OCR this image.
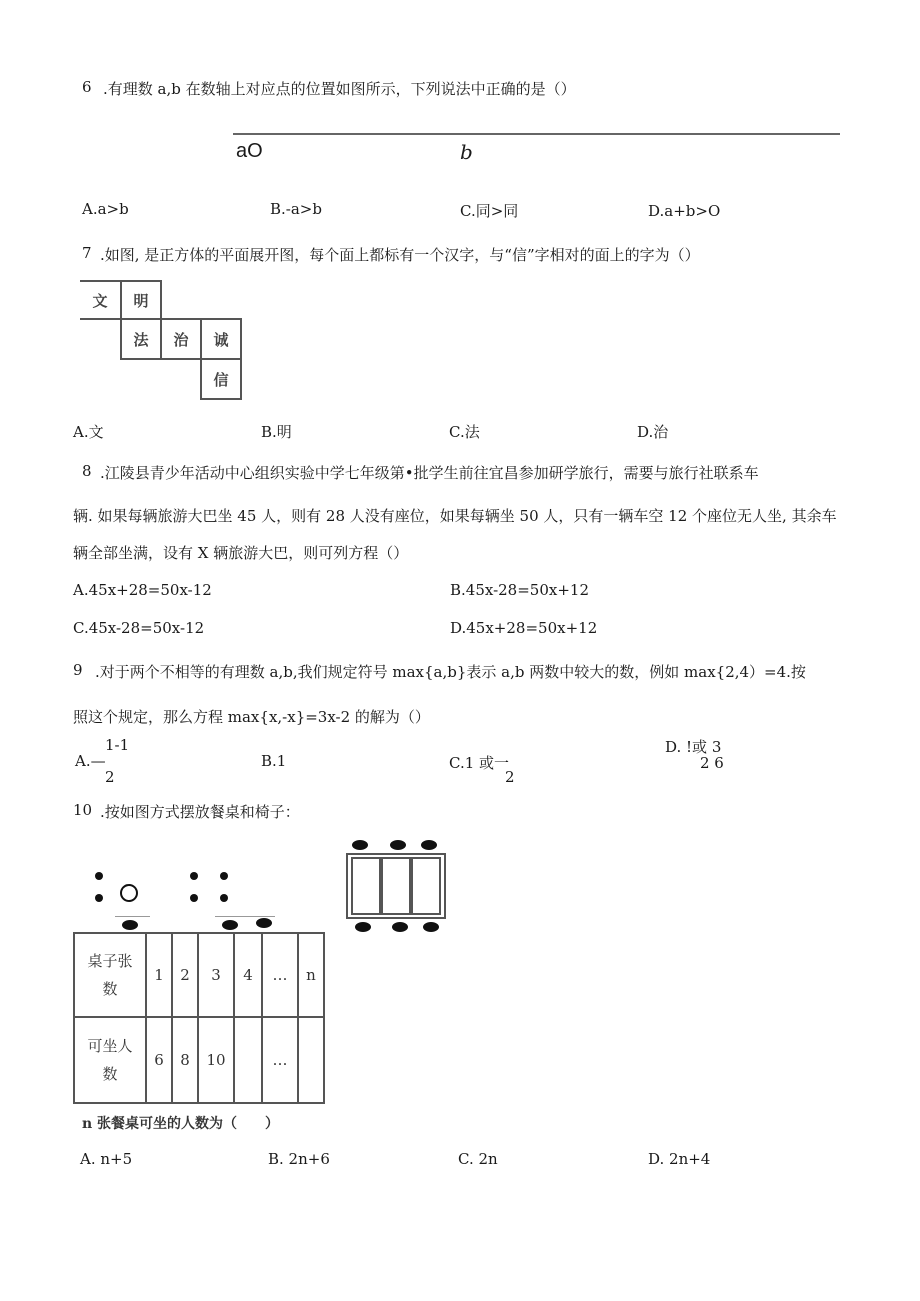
6 .有理数 a,b 在数轴上对应点的位置如图所示，下列说法中正确的是（）
aO	b
A.a>b	B.-a>b	C.同>同	D.a+b>O
7 .如图, 是正方体的平面展开图，每个面上都标有一个汉字，与“信”字相对的面上的字为（）
文	明
法	治	诚
信
A.文	B.明	C.法	D.治
8 .江陵县青少年活动中心组织实验中学七年级第•批学生前往宜昌参加研学旅行，需要与旅行社联系车
辆. 如果每辆旅游大巴坐 45 人，则有 28 人没有座位，如果每辆坐 50 人，只有一辆车空 12 个座位无人坐, 其余车
辆全部坐满，设有 X 辆旅游大巴，则可列方程（）
A.45x+28=50x-12	B.45x-28=50x+12
C.45x-28=50x-12	D.45x+28=50x+12
9 .对于两个不相等的有理数 a,b,我们规定符号 max{a,b}表示 a,b 两数中较大的数，例如 max{2,4）=4.按
照这个规定，那么方程 max{x,-x}=3x-2 的解为（）
1-1
A.—
2
B.1	C.1 或一
2
D. !或 3
2 6
10 .按如图方式摆放餐桌和椅子：
桌子张
数	1	2	3	4	…	n
可坐人
数	6	8	10		…	
n 张餐桌可坐的人数为（　　）
A. n+5	B. 2n+6	C. 2n	D. 2n+4
